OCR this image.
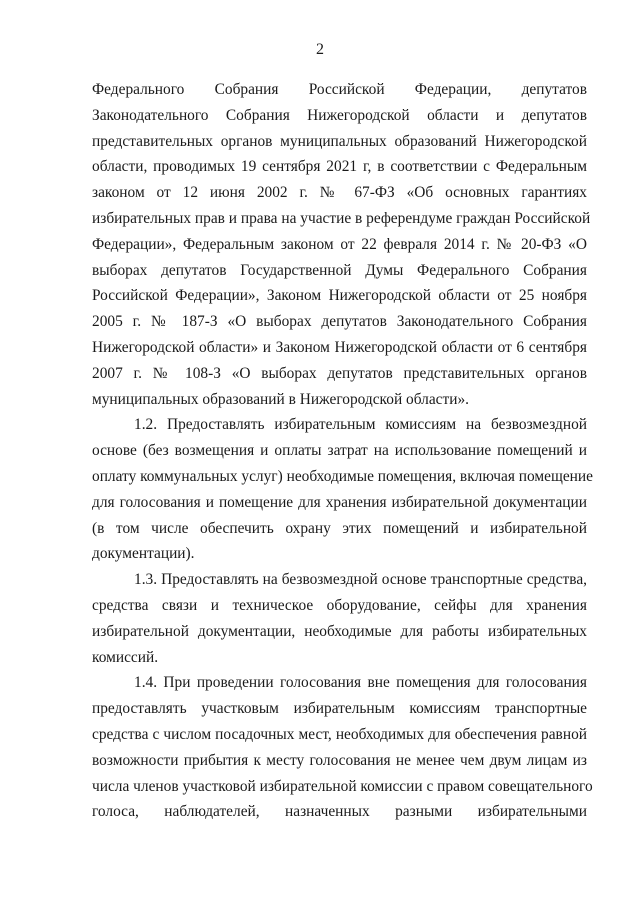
2
Федерального Собрания Российской Федерации, депутатов
Законодательного Собрания Нижегородской области и депутатов
представительных органов муниципальных образований Нижегородской
области, проводимых 19 сентября 2021 г, в соответствии с Федеральным
законом от 12 июня 2002 г. № 67-ФЗ «Об основных гарантиях
избирательных прав и права на участие в референдуме граждан Российской
Федерации», Федеральным законом от 22 февраля 2014 г. № 20-ФЗ «О
выборах депутатов Государственной Думы Федерального Собрания
Российской Федерации», Законом Нижегородской области от 25 ноября
2005 г. № 187-З «О выборах депутатов Законодательного Собрания
Нижегородской области» и Законом Нижегородской области от 6 сентября
2007 г. № 108-З «О выборах депутатов представительных органов
муниципальных образований в Нижегородской области».
1.2. Предоставлять избирательным комиссиям на безвозмездной
основе (без возмещения и оплаты затрат на использование помещений и
оплату коммунальных услуг) необходимые помещения, включая помещение
для голосования и помещение для хранения избирательной документации
(в том числе обеспечить охрану этих помещений и избирательной
документации).
1.3. Предоставлять на безвозмездной основе транспортные средства,
средства связи и техническое оборудование, сейфы для хранения
избирательной документации, необходимые для работы избирательных
комиссий.
1.4. При проведении голосования вне помещения для голосования
предоставлять участковым избирательным комиссиям транспортные
средства с числом посадочных мест, необходимых для обеспечения равной
возможности прибытия к месту голосования не менее чем двум лицам из
числа членов участковой избирательной комиссии с правом совещательного
голоса, наблюдателей, назначенных разными избирательными
